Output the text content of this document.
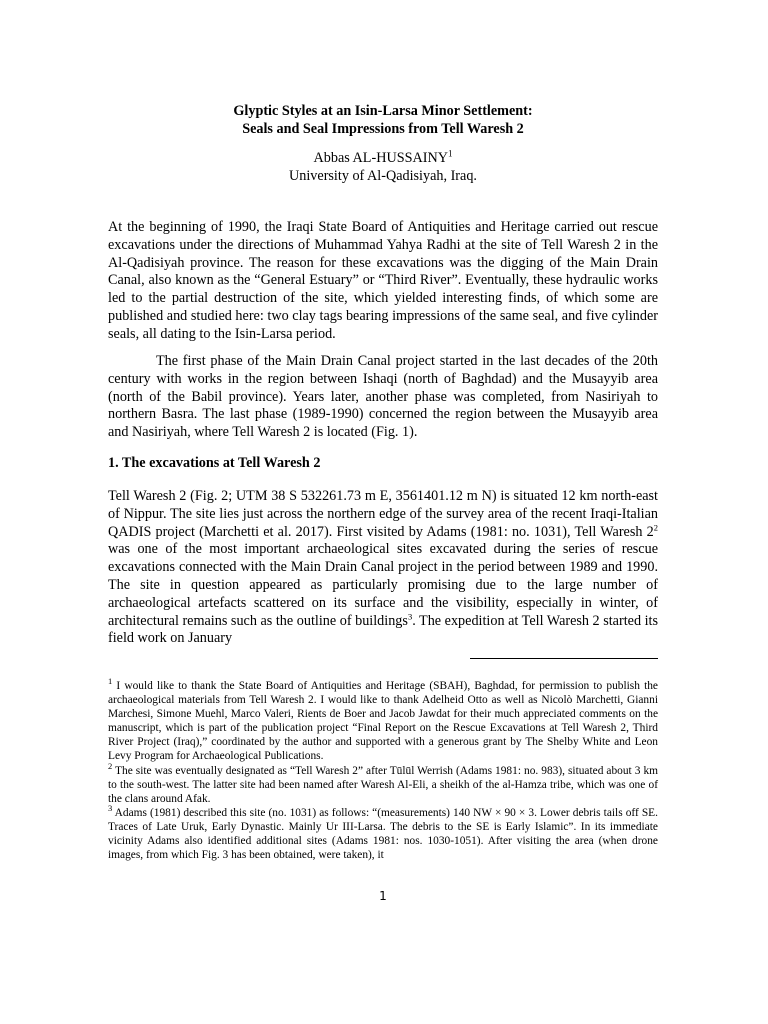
Glyptic Styles at an Isin-Larsa Minor Settlement:
Seals and Seal Impressions from Tell Waresh 2
Abbas AL-HUSSAINY$^1$
University of Al-Qadisiyah, Iraq.

At the beginning of 1990, the Iraqi State Board of Antiquities and Heritage carried out rescue excavations under the directions of Muhammad Yahya Radhi at the site of Tell Waresh 2 in the Al-Qadisiyah province. The reason for these excavations was the digging of the Main Drain Canal, also known as the “General Estuary” or “Third River”. Eventually, these hydraulic works led to the partial destruction of the site, which yielded interesting finds, of which some are published and studied here: two clay tags bearing impressions of the same seal, and five cylinder seals, all dating to the Isin-Larsa period.

The first phase of the Main Drain Canal project started in the last decades of the 20th century with works in the region between Ishaqi (north of Baghdad) and the Musayyib area (north of the Babil province). Years later, another phase was completed, from Nasiriyah to northern Basra. The last phase (1989-1990) concerned the region between the Musayyib area and Nasiriyah, where Tell Waresh 2 is located (Fig. 1).

1. The excavations at Tell Waresh 2

Tell Waresh 2 (Fig. 2; UTM 38 S 532261.73 m E, 3561401.12 m N) is situated 12 km north-east of Nippur. The site lies just across the northern edge of the survey area of the recent Iraqi-Italian QADIS project (Marchetti et al. 2017). First visited by Adams (1981: no. 1031), Tell Waresh $2^2$ was one of the most important archaeological sites excavated during the series of rescue excavations connected with the Main Drain Canal project in the period between 1989 and 1990. The site in question appeared as particularly promising due to the large number of archaeological artefacts scattered on its surface and the visibility, especially in winter, of architectural remains such as the outline of buildings$^3$. The expedition at Tell Waresh 2 started its field work on January

$^1$ I would like to thank the State Board of Antiquities and Heritage (SBAH), Baghdad, for permission to publish the archaeological materials from Tell Waresh 2. I would like to thank Adelheid Otto as well as Nicolò Marchetti, Gianni Marchesi, Simone Muehl, Marco Valeri, Rients de Boer and Jacob Jawdat for their much appreciated comments on the manuscript, which is part of the publication project “Final Report on the Rescue Excavations at Tell Waresh 2, Third River Project (Iraq),” coordinated by the author and supported with a generous grant by The Shelby White and Leon Levy Program for Archaeological Publications.

$^2$ The site was eventually designated as “Tell Waresh 2” after Tūlūl Werrish (Adams 1981: no. 983), situated about 3 km to the south-west. The latter site had been named after Waresh Al-Eli, a sheikh of the al-Hamza tribe, which was one of the clans around Afak.

$^3$ Adams (1981) described this site (no. 1031) as follows: “(measurements) 140 NW × 90 × 3. Lower debris tails off SE. Traces of Late Uruk, Early Dynastic. Mainly Ur III-Larsa. The debris to the SE is Early Islamic”. In its immediate vicinity Adams also identified additional sites (Adams 1981: nos. 1030-1051). After visiting the area (when drone images, from which Fig. 3 has been obtained, were taken), it

1
